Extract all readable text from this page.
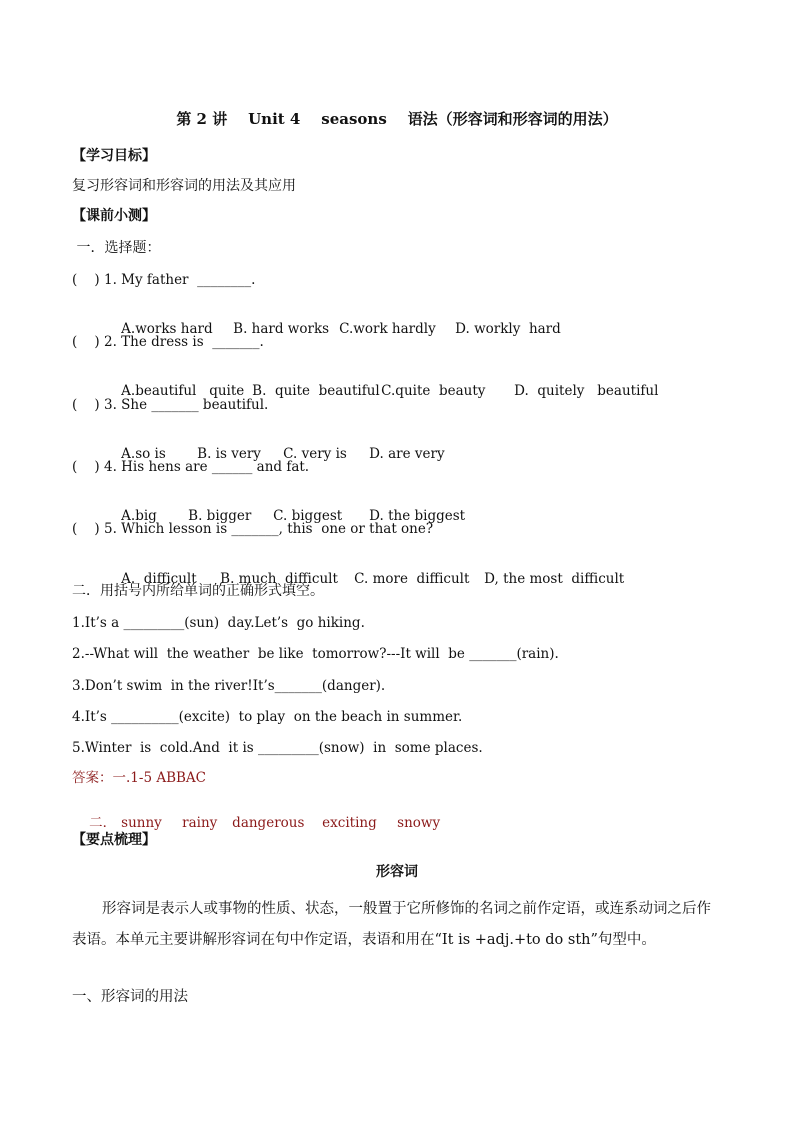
第 2 讲    Unit 4    seasons    语法（形容词和形容词的用法）
【学习目标】
复习形容词和形容词的用法及其应用
【课前小测】
一．选择题：
(    ) 1. My father  ________.

A.works hard B. hard works C.work hardly D. workly  hard

(    ) 2. The dress is  _______.

A.beautiful   quite B.  quite  beautifulC.quite  beauty D.  quitely   beautiful

(    ) 3. She _______ beautiful.

A.so is B. is very C. very is D. are very

(    ) 4. His hens are ______ and fat.

A.big B. bigger C. biggest D. the biggest

(    ) 5. Which lesson is _______, this  one or that one?

A.  difficult B. much  difficult C. more  difficult D, the most  difficult

二．用括号内所给单词的正确形式填空。
1.It’s a _________(sun)  day.Let’s  go hiking.
2.--What will  the weather  be like  tomorrow?---It will  be _______(rain).
3.Don’t swim  in the river!It’s_______(danger).
4.It’s __________(excite)  to play  on the beach in summer.
5.Winter  is  cold.And  it is _________(snow)  in  some places.
答案：一.1-5 ABBAC

二． sunny rainy dangerous exciting snowy

【要点梳理】
形容词
形容词是表示人或事物的性质、状态，一般置于它所修饰的名词之前作定语，或连系动词之后作表语。本单元主要讲解形容词在句中作定语，表语和用在“It is +adj.+to do sth”句型中。
一、形容词的用法
